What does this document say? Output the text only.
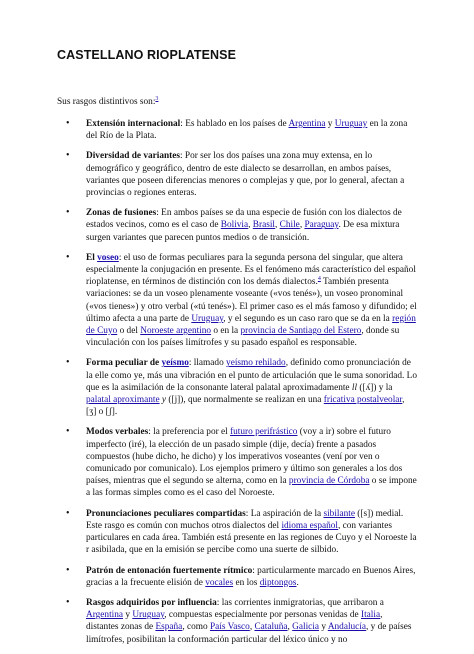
CASTELLANO RIOPLATENSE

Sus rasgos distintivos son:$^3$

• Extensión internacional: Es hablado en los países de Argentina y Uruguay en la zona del Río de la Plata.
• Diversidad de variantes: Por ser los dos países una zona muy extensa, en lo demográfico y geográfico, dentro de este dialecto se desarrollan, en ambos países, variantes que poseen diferencias menores o complejas y que, por lo general, afectan a provincias o regiones enteras.
• Zonas de fusiones: En ambos países se da una especie de fusión con los dialectos de estados vecinos, como es el caso de Bolivia, Brasil, Chile, Paraguay. De esa mixtura surgen variantes que parecen puntos medios o de transición.
• El voseo: el uso de formas peculiares para la segunda persona del singular, que altera especialmente la conjugación en presente. Es el fenómeno más característico del español rioplatense, en términos de distinción con los demás dialectos.$^4$ También presenta variaciones: se da un voseo plenamente voseante («vos tenés»), un voseo pronominal («vos tienes») y otro verbal («tú tenés»). El primer caso es el más famoso y difundido; el último afecta a una parte de Uruguay, y el segundo es un caso raro que se da en la región de Cuyo o del Noroeste argentino o en la provincia de Santiago del Estero, donde su vinculación con los países limítrofes y su pasado español es responsable.
• Forma peculiar de yeísmo: llamado yeísmo rehilado, definido como pronunciación de la elle como ye, más una vibración en el punto de articulación que le suma sonoridad. Lo que es la asimilación de la consonante lateral palatal aproximadamente ll ([ʎ]) y la palatal aproximante y ([j]), que normalmente se realizan en una fricativa postalveolar, [ʒ] o [ʃ].
• Modos verbales: la preferencia por el futuro perifrástico (voy a ir) sobre el futuro imperfecto (iré), la elección de un pasado simple (dije, decía) frente a pasados compuestos (hube dicho, he dicho) y los imperativos voseantes (vení por ven o comunicado por comunicalo). Los ejemplos primero y último son generales a los dos países, mientras que el segundo se alterna, como en la provincia de Córdoba o se impone a las formas simples como es el caso del Noroeste.
• Pronunciaciones peculiares compartidas: La aspiración de la sibilante ([s]) medial. Este rasgo es común con muchos otros dialectos del idioma español, con variantes particulares en cada área. También está presente en las regiones de Cuyo y el Noroeste la r asibilada, que en la emisión se percibe como una suerte de silbido.
• Patrón de entonación fuertemente rítmico: particularmente marcado en Buenos Aires, gracias a la frecuente elisión de vocales en los diptongos.
• Rasgos adquiridos por influencia: las corrientes inmigratorias, que arribaron a Argentina y Uruguay, compuestas especialmente por personas venidas de Italia, distantes zonas de España, como País Vasco, Cataluña, Galicia y Andalucía, y de países limítrofes, posibilitan la conformación particular del léxico único y no
